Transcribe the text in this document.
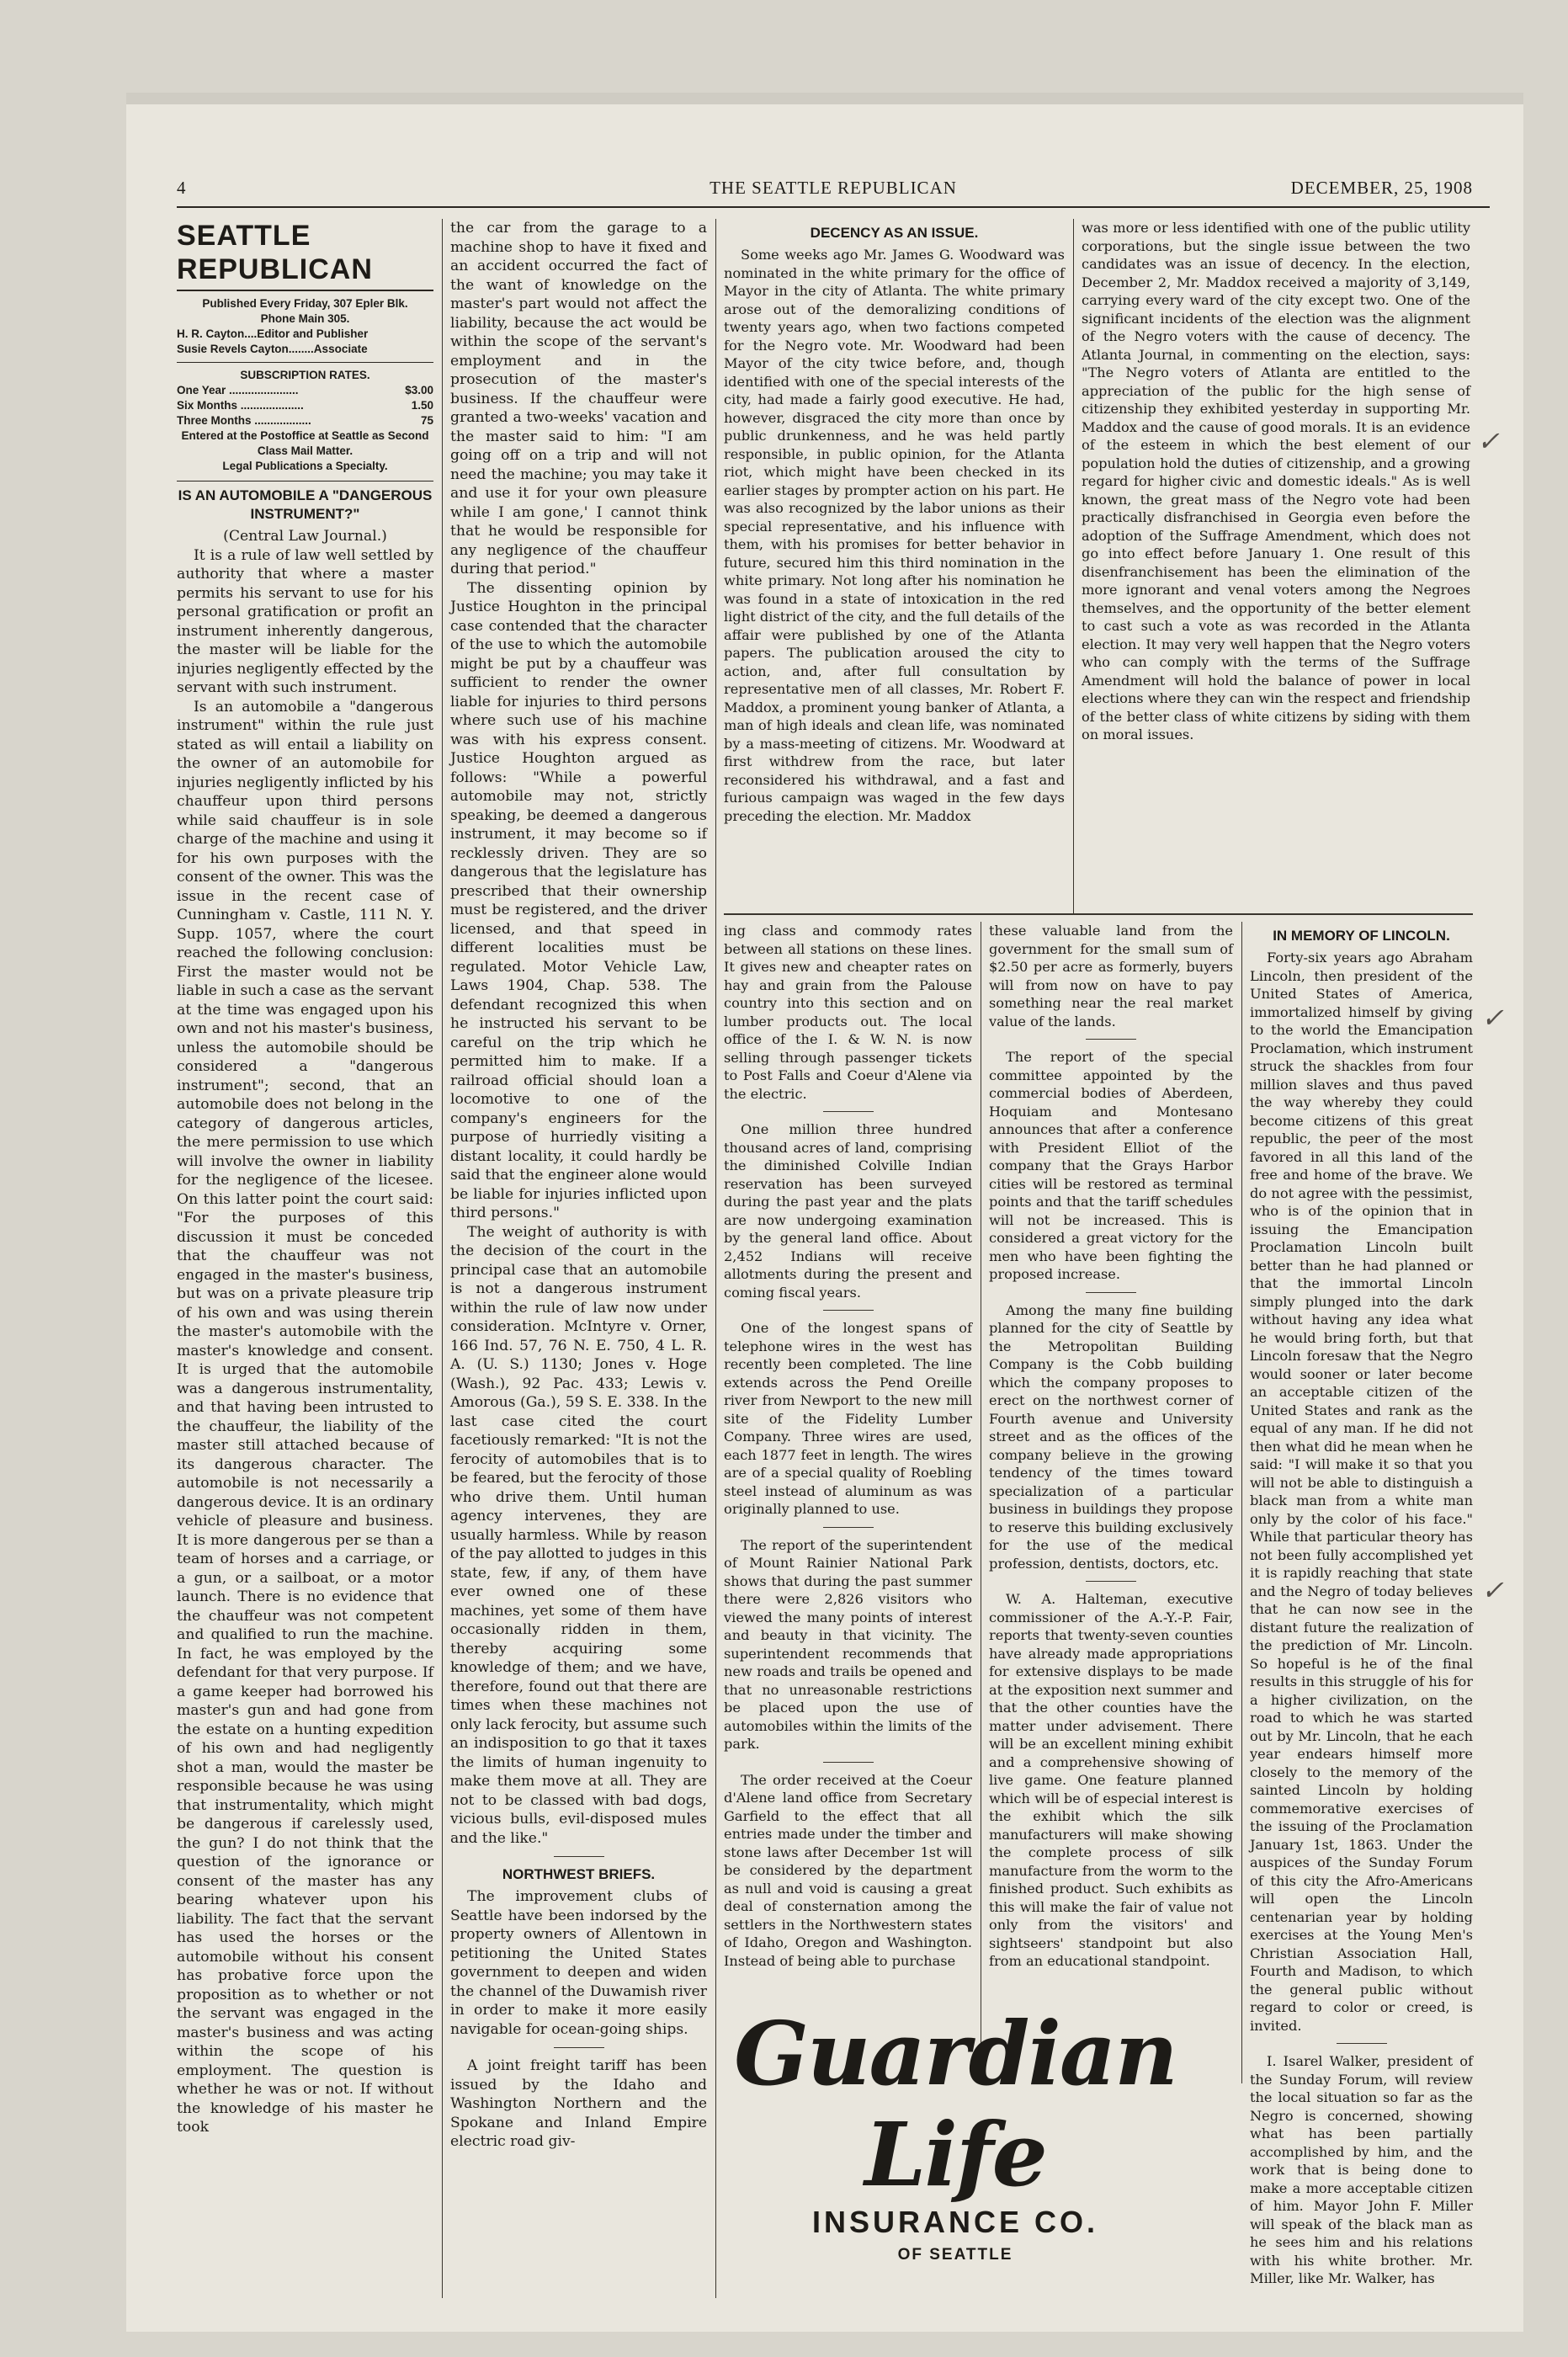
4	THE SEATTLE REPUBLICAN	DECEMBER, 25, 1908
SEATTLE REPUBLICAN
Published Every Friday, 307 Epler Blk.
Phone Main 305.
H. R. Cayton....Editor and Publisher
Susie Revels Cayton........Associate
SUBSCRIPTION RATES.
One Year ......................	$3.00
Six Months ....................	1.50
Three Months ..................	75
Entered at the Postoffice at Seattle as Second Class Mail Matter.
Legal Publications a Specialty.
IS AN AUTOMOBILE A "DANGEROUS INSTRUMENT?"

(Central Law Journal.)

It is a rule of law well settled by authority that where a master permits his servant to use for his personal gratification or profit an instrument inherently dangerous, the master will be liable for the injuries negligently effected by the servant with such instrument.

Is an automobile a "dangerous instrument" within the rule just stated as will entail a liability on the owner of an automobile for injuries negligently inflicted by his chauffeur upon third persons while said chauffeur is in sole charge of the machine and using it for his own purposes with the consent of the owner. This was the issue in the recent case of Cunningham v. Castle, 111 N. Y. Supp. 1057, where the court reached the following conclusion: First the master would not be liable in such a case as the servant at the time was engaged upon his own and not his master's business, unless the automobile should be considered a "dangerous instrument"; second, that an automobile does not belong in the category of dangerous articles, the mere permission to use which will involve the owner in liability for the negligence of the licesee. On this latter point the court said: "For the purposes of this discussion it must be conceded that the chauffeur was not engaged in the master's business, but was on a private pleasure trip of his own and was using therein the master's automobile with the master's knowledge and consent. It is urged that the automobile was a dangerous instrumentality, and that having been intrusted to the chauffeur, the liability of the master still attached because of its dangerous character. The automobile is not necessarily a dangerous device. It is an ordinary vehicle of pleasure and business. It is more dangerous per se than a team of horses and a carriage, or a gun, or a sailboat, or a motor launch. There is no evidence that the chauffeur was not competent and qualified to run the machine. In fact, he was employed by the defendant for that very purpose. If a game keeper had borrowed his master's gun and had gone from the estate on a hunting expedition of his own and had negligently shot a man, would the master be responsible because he was using that instrumentality, which might be dangerous if carelessly used, the gun? I do not think that the question of the ignorance or consent of the master has any bearing whatever upon his liability. The fact that the servant has used the horses or the automobile without his consent has probative force upon the proposition as to whether or not the servant was engaged in the master's business and was acting within the scope of his employment. The question is whether he was or not. If without the knowledge of his master he took

the car from the garage to a machine shop to have it fixed and an accident occurred the fact of the want of knowledge on the master's part would not affect the liability, because the act would be within the scope of the servant's employment and in the prosecution of the master's business. If the chauffeur were granted a two-weeks' vacation and the master said to him: "I am going off on a trip and will not need the machine; you may take it and use it for your own pleasure while I am gone,' I cannot think that he would be responsible for any negligence of the chauffeur during that period."

The dissenting opinion by Justice Houghton in the principal case contended that the character of the use to which the automobile might be put by a chauffeur was sufficient to render the owner liable for injuries to third persons where such use of his machine was with his express consent. Justice Houghton argued as follows: "While a powerful automobile may not, strictly speaking, be deemed a dangerous instrument, it may become so if recklessly driven. They are so dangerous that the legislature has prescribed that their ownership must be registered, and the driver licensed, and that speed in different localities must be regulated. Motor Vehicle Law, Laws 1904, Chap. 538. The defendant recognized this when he instructed his servant to be careful on the trip which he permitted him to make. If a railroad official should loan a locomotive to one of the company's engineers for the purpose of hurriedly visiting a distant locality, it could hardly be said that the engineer alone would be liable for injuries inflicted upon third persons."

The weight of authority is with the decision of the court in the principal case that an automobile is not a dangerous instrument within the rule of law now under consideration. McIntyre v. Orner, 166 Ind. 57, 76 N. E. 750, 4 L. R. A. (U. S.) 1130; Jones v. Hoge (Wash.), 92 Pac. 433; Lewis v. Amorous (Ga.), 59 S. E. 338. In the last case cited the court facetiously remarked: "It is not the ferocity of automobiles that is to be feared, but the ferocity of those who drive them. Until human agency intervenes, they are usually harmless. While by reason of the pay allotted to judges in this state, few, if any, of them have ever owned one of these machines, yet some of them have occasionally ridden in them, thereby acquiring some knowledge of them; and we have, therefore, found out that there are times when these machines not only lack ferocity, but assume such an indisposition to go that it taxes the limits of human ingenuity to make them move at all. They are not to be classed with bad dogs, vicious bulls, evil-disposed mules and the like."

NORTHWEST BRIEFS.

The improvement clubs of Seattle have been indorsed by the property owners of Allentown in petitioning the United States government to deepen and widen the channel of the Duwamish river in order to make it more easily navigable for ocean-going ships.

A joint freight tariff has been issued by the Idaho and Washington Northern and the Spokane and Inland Empire electric road giv-

DECENCY AS AN ISSUE.

Some weeks ago Mr. James G. Woodward was nominated in the white primary for the office of Mayor in the city of Atlanta. The white primary arose out of the demoralizing conditions of twenty years ago, when two factions competed for the Negro vote. Mr. Woodward had been Mayor of the city twice before, and, though identified with one of the special interests of the city, had made a fairly good executive. He had, however, disgraced the city more than once by public drunkenness, and he was held partly responsible, in public opinion, for the Atlanta riot, which might have been checked in its earlier stages by prompter action on his part. He was also recognized by the labor unions as their special representative, and his influence with them, with his promises for better behavior in future, secured him this third nomination in the white primary. Not long after his nomination he was found in a state of intoxication in the red light district of the city, and the full details of the affair were published by one of the Atlanta papers. The publication aroused the city to action, and, after full consultation by representative men of all classes, Mr. Robert F. Maddox, a prominent young banker of Atlanta, a man of high ideals and clean life, was nominated by a mass-meeting of citizens. Mr. Woodward at first withdrew from the race, but later reconsidered his withdrawal, and a fast and furious campaign was waged in the few days preceding the election. Mr. Maddox

was more or less identified with one of the public utility corporations, but the single issue between the two candidates was an issue of decency. In the election, December 2, Mr. Maddox received a majority of 3,149, carrying every ward of the city except two. One of the significant incidents of the election was the alignment of the Negro voters with the cause of decency. The Atlanta Journal, in commenting on the election, says: "The Negro voters of Atlanta are entitled to the appreciation of the public for the high sense of citizenship they exhibited yesterday in supporting Mr. Maddox and the cause of good morals. It is an evidence of the esteem in which the best element of our population hold the duties of citizenship, and a growing regard for higher civic and domestic ideals." As is well known, the great mass of the Negro vote had been practically disfranchised in Georgia even before the adoption of the Suffrage Amendment, which does not go into effect before January 1. One result of this disenfranchisement has been the elimination of the more ignorant and venal voters among the Negroes themselves, and the opportunity of the better element to cast such a vote as was recorded in the Atlanta election. It may very well happen that the Negro voters who can comply with the terms of the Suffrage Amendment will hold the balance of power in local elections where they can win the respect and friendship of the better class of white citizens by siding with them on moral issues.

ing class and commody rates between all stations on these lines. It gives new and cheapter rates on hay and grain from the Palouse country into this section and on lumber products out. The local office of the I. & W. N. is now selling through passenger tickets to Post Falls and Coeur d'Alene via the electric.

One million three hundred thousand acres of land, comprising the diminished Colville Indian reservation has been surveyed during the past year and the plats are now undergoing examination by the general land office. About 2,452 Indians will receive allotments during the present and coming fiscal years.

One of the longest spans of telephone wires in the west has recently been completed. The line extends across the Pend Oreille river from Newport to the new mill site of the Fidelity Lumber Company. Three wires are used, each 1877 feet in length. The wires are of a special quality of Roebling steel instead of aluminum as was originally planned to use.

The report of the superintendent of Mount Rainier National Park shows that during the past summer there were 2,826 visitors who viewed the many points of interest and beauty in that vicinity. The superintendent recommends that new roads and trails be opened and that no unreasonable restrictions be placed upon the use of automobiles within the limits of the park.

The order received at the Coeur d'Alene land office from Secretary Garfield to the effect that all entries made under the timber and stone laws after December 1st will be considered by the department as null and void is causing a great deal of consternation among the settlers in the Northwestern states of Idaho, Oregon and Washington. Instead of being able to purchase

these valuable land from the government for the small sum of $2.50 per acre as formerly, buyers will from now on have to pay something near the real market value of the lands.

The report of the special committee appointed by the commercial bodies of Aberdeen, Hoquiam and Montesano announces that after a conference with President Elliot of the company that the Grays Harbor cities will be restored as terminal points and that the tariff schedules will not be increased. This is considered a great victory for the men who have been fighting the proposed increase.

Among the many fine building planned for the city of Seattle by the Metropolitan Building Company is the Cobb building which the company proposes to erect on the northwest corner of Fourth avenue and University street and as the offices of the company believe in the growing tendency of the times toward specialization of a particular business in buildings they propose to reserve this building exclusively for the use of the medical profession, dentists, doctors, etc.

W. A. Halteman, executive commissioner of the A.-Y.-P. Fair, reports that twenty-seven counties have already made appropriations for extensive displays to be made at the exposition next summer and that the other counties have the matter under advisement. There will be an excellent mining exhibit and a comprehensive showing of live game. One feature planned which will be of especial interest is the exhibit which the silk manufacturers will make showing the complete process of silk manufacture from the worm to the finished product. Such exhibits as this will make the fair of value not only from the visitors' and sightseers' standpoint but also from an educational standpoint.

IN MEMORY OF LINCOLN.

Forty-six years ago Abraham Lincoln, then president of the United States of America, immortalized himself by giving to the world the Emancipation Proclamation, which instrument struck the shackles from four million slaves and thus paved the way whereby they could become citizens of this great republic, the peer of the most favored in all this land of the free and home of the brave. We do not agree with the pessimist, who is of the opinion that in issuing the Emancipation Proclamation Lincoln built better than he had planned or that the immortal Lincoln simply plunged into the dark without having any idea what he would bring forth, but that Lincoln foresaw that the Negro would sooner or later become an acceptable citizen of the United States and rank as the equal of any man. If he did not then what did he mean when he said: "I will make it so that you will not be able to distinguish a black man from a white man only by the color of his face." While that particular theory has not been fully accomplished yet it is rapidly reaching that state and the Negro of today believes that he can now see in the distant future the realization of the prediction of Mr. Lincoln. So hopeful is he of the final results in this struggle of his for a higher civilization, on the road to which he was started out by Mr. Lincoln, that he each year endears himself more closely to the memory of the sainted Lincoln by holding commemorative exercises of the issuing of the Proclamation January 1st, 1863. Under the auspices of the Sunday Forum of this city the Afro-Americans will open the Lincoln centenarian year by holding exercises at the Young Men's Christian Association Hall, Fourth and Madison, to which the general public without regard to color or creed, is invited.

I. Isarel Walker, president of the Sunday Forum, will review the local situation so far as the Negro is concerned, showing what has been partially accomplished by him, and the work that is being done to make a more acceptable citizen of him. Mayor John F. Miller will speak of the black man as he sees him and his relations with his white brother. Mr. Miller, like Mr. Walker, has

Guardian Life
INSURANCE CO.
OF SEATTLE
✓
✓
✓
